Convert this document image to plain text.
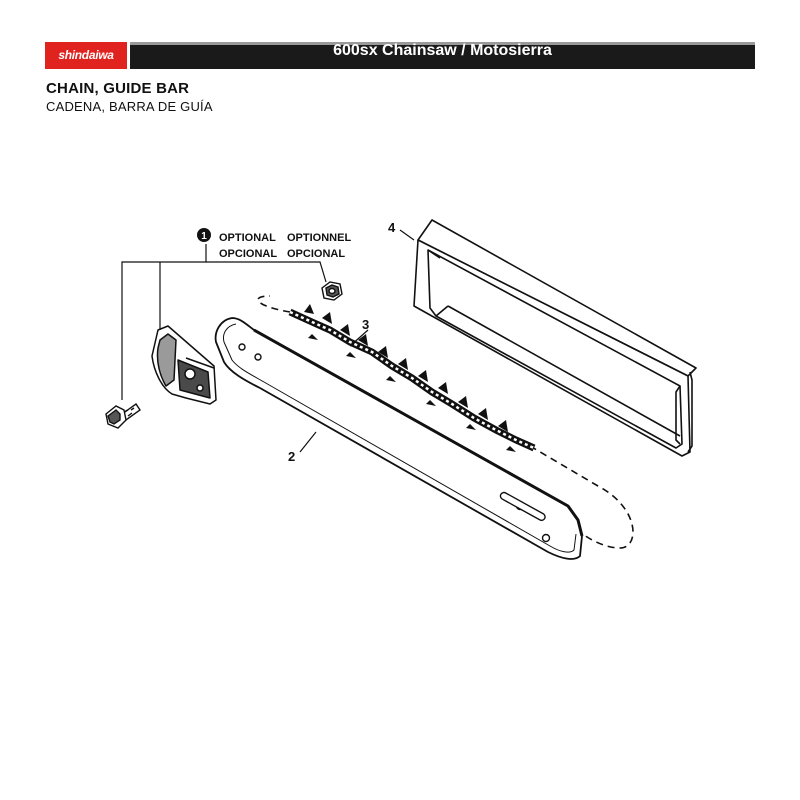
shindaiwa	600sx Chainsaw / Motosierra
CHAIN, GUIDE BAR
CADENA, BARRA DE GUÍA
1 OPTIONAL
OPCIONAL
OPTIONNEL
OPCIONAL
2
3
4
